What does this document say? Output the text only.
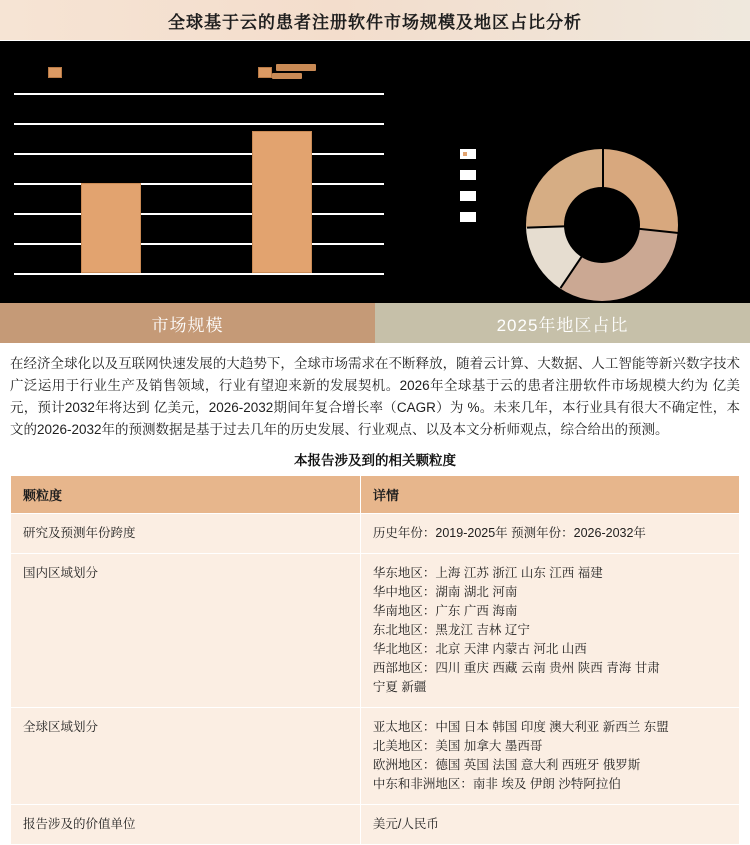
全球基于云的患者注册软件市场规模及地区占比分析
市场规模	2025年地区占比
在经济全球化以及互联网快速发展的大趋势下，全球市场需求在不断释放，随着云计算、大数据、人工智能等新兴数字技术广泛运用于行业生产及销售领域，行业有望迎来新的发展契机。2026年全球基于云的患者注册软件市场规模大约为 亿美元，预计2032年将达到 亿美元，2026-2032期间年复合增长率（CAGR）为 %。未来几年，本行业具有很大不确定性，本文的2026-2032年的预测数据是基于过去几年的历史发展、行业观点、以及本文分析师观点，综合给出的预测。
本报告涉及到的相关颗粒度
颗粒度	详情
研究及预测年份跨度	历史年份：2019-2025年 预测年份：2026-2032年

国内区域划分	华东地区：上海 江苏 浙江 山东 江西 福建
华中地区：湖南 湖北 河南
华南地区：广东 广西 海南
东北地区：黑龙江 吉林 辽宁
华北地区：北京 天津 内蒙古 河北 山西
西部地区：四川 重庆 西藏 云南 贵州 陕西 青海 甘肃
宁夏 新疆

全球区域划分	亚太地区：中国 日本 韩国 印度 澳大利亚 新西兰 东盟
北美地区：美国 加拿大 墨西哥
欧洲地区：德国 英国 法国 意大利 西班牙 俄罗斯
中东和非洲地区：南非 埃及 伊朗 沙特阿拉伯

报告涉及的价值单位	美元/人民币
